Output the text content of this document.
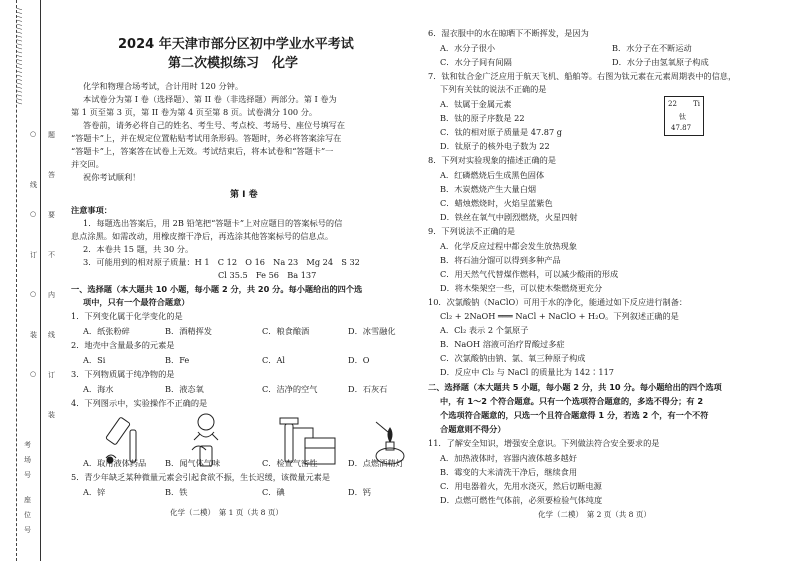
/ / / / / / / / / / / / / / / / / / / / / / / / /
○
○
○
○
线
订
装
题
答
要
不
内
线
订
装
考
场
号
座
位
号
2024 年天津市部分区初中学业水平考试
第二次模拟练习　化学
化学和物理合场考试，合计用时 120 分钟。
本试卷分为第 I 卷（选择题）、第 II 卷（非选择题）两部分。第 I 卷为
第 1 页至第 3 页，第 II 卷为第 4 页至第 8 页。试卷满分 100 分。
答卷前，请务必将自己的姓名、考生号、考点校、考场号、座位号填写在
“答题卡”上，并在规定位置粘贴考试用条形码。答题时，务必将答案涂写在
“答题卡”上，答案答在试卷上无效。考试结束后，将本试卷和“答题卡”一
并交回。
祝你考试顺利！
第 I 卷
注意事项：
1．每题选出答案后，用 2B 铅笔把“答题卡”上对应题目的答案标号的信
息点涂黑。如需改动，用橡皮擦干净后，再选涂其他答案标号的信息点。
2．本卷共 15 题，共 30 分。
3．可能用到的相对原子质量：H 1　C 12　O 16　Na 23　Mg 24　S 32
Cl 35.5　Fe 56　Ba 137
一、选择题（本大题共 10 小题，每小题 2 分，共 20 分。每小题给出的四个选
项中，只有一个最符合题意）
1．下列变化属于化学变化的是
A．纸张粉碎	B．酒精挥发	C．粮食酿酒	D．冰雪融化
2．地壳中含量最多的元素是
A．Si	B．Fe	C．Al	D．O
3．下列物质属于纯净物的是
A．海水	B．液态氧	C．洁净的空气	D．石灰石
4．下列图示中，实验操作不正确的是
A．取用液体药品 B．闻气体气味	C．检查气密性	D．点燃酒精灯
5．青少年缺乏某种微量元素会引起食欲不振，生长迟缓，该微量元素是
A．锌	B．铁	C．碘	D．钙
化学（二模）　第 1 页（共 8 页）
6．湿衣服中的水在晾晒下不断挥发，是因为
A．水分子很小	B．水分子在不断运动
C．水分子间有间隔	D．水分子由氢氧原子构成
7．钛和钛合金广泛应用于航天飞机、船舶等。右图为钛元素在元素周期表中的信息，
下列有关钛的说法不正确的是
A．钛属于金属元素
B．钛的原子序数是 22
C．钛的相对原子质量是 47.87 g
D．钛原子的核外电子数为 22
22 Ti
钛
47.87
8．下列对实验现象的描述正确的是
A．红磷燃烧后生成黑色固体
B．木炭燃烧产生大量白烟
C．蜡烛燃烧时，火焰呈蓝紫色
D．铁丝在氧气中剧烈燃烧，火星四射
9．下列说法不正确的是
A．化学反应过程中都会发生放热现象
B．将石油分馏可以得到多种产品
C．用天然气代替煤作燃料，可以减少酸雨的形成
D．将木柴架空一些，可以使木柴燃烧更充分
10．次氯酸钠（NaClO）可用于水的净化，能通过如下反应进行制备：
Cl₂ + 2NaOH ═══ NaCl + NaClO + H₂O。下列叙述正确的是
A．Cl₂ 表示 2 个氯原子
B．NaOH 溶液可治疗胃酸过多症
C．次氯酸钠由钠、氯、氧三种原子构成
D．反应中 Cl₂ 与 NaCl 的质量比为 142∶117
二、选择题（本大题共 5 小题，每小题 2 分，共 10 分。每小题给出的四个选项
中，有 1～2 个符合题意。只有一个选项符合题意的，多选不得分；有 2
个选项符合题意的，只选一个且符合题意得 1 分，若选 2 个，有一个不符
合题意则不得分）
11．了解安全知识，增强安全意识。下列做法符合安全要求的是
A．加热液体时，容器内液体越多越好
B．霉变的大米清洗干净后，继续食用
C．用电器着火，先用水浇灭，然后切断电源
D．点燃可燃性气体前，必须要检验气体纯度
化学（二模）　第 2 页（共 8 页）
